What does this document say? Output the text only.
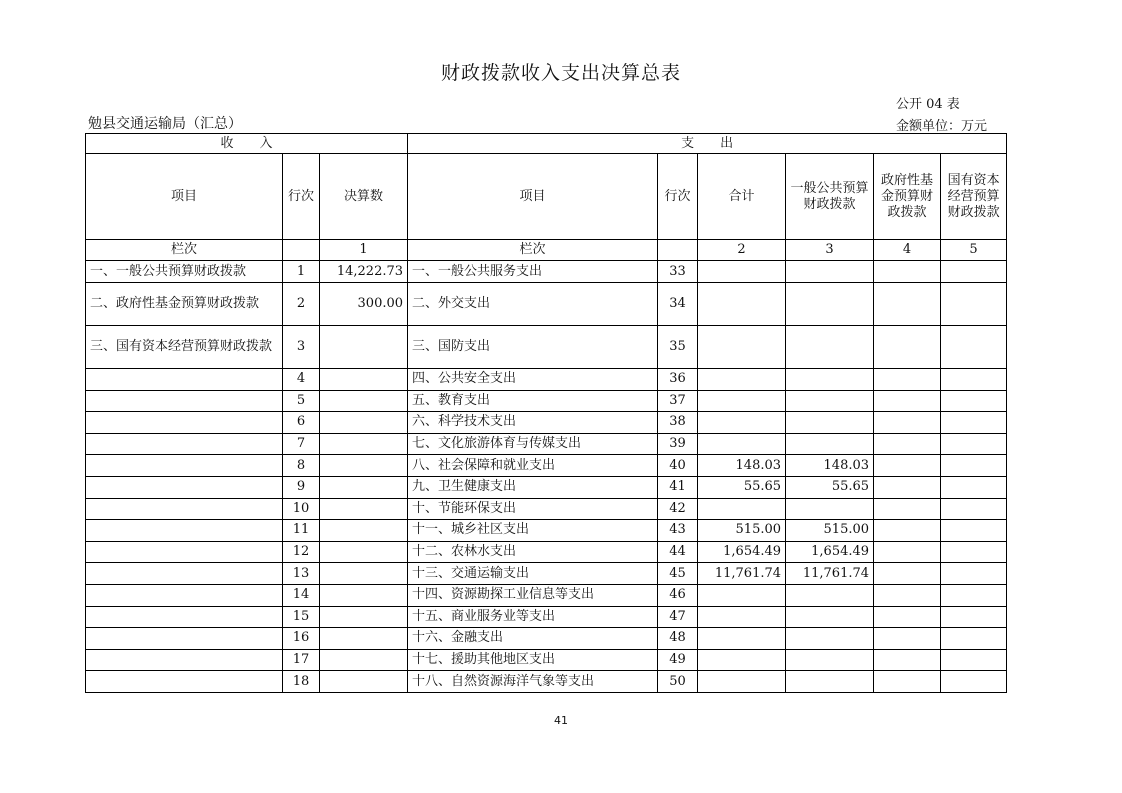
财政拨款收入支出决算总表
公开 04 表
勉县交通运输局（汇总）	金额单位：万元
收　　入			支　　出					
项目	行次	决算数	项目	行次	合计	一般公共预算财政拨款	政府性基金预算财政拨款	国有资本经营预算财政拨款
栏次		1	栏次		2	3	4	5
一、一般公共预算财政拨款	1	14,222.73	一、一般公共服务支出	33				
二、政府性基金预算财政拨款	2	300.00	二、外交支出	34				
三、国有资本经营预算财政拨款	3		三、国防支出	35				
	4		四、公共安全支出	36				
	5		五、教育支出	37				
	6		六、科学技术支出	38				
	7		七、文化旅游体育与传媒支出	39				
	8		八、社会保障和就业支出	40	148.03	148.03		
	9		九、卫生健康支出	41	55.65	55.65		
	10		十、节能环保支出	42				
	11		十一、城乡社区支出	43	515.00	515.00		
	12		十二、农林水支出	44	1,654.49	1,654.49		
	13		十三、交通运输支出	45	11,761.74	11,761.74		
	14		十四、资源勘探工业信息等支出	46				
	15		十五、商业服务业等支出	47				
	16		十六、金融支出	48				
	17		十七、援助其他地区支出	49				
	18		十八、自然资源海洋气象等支出	50				
41
